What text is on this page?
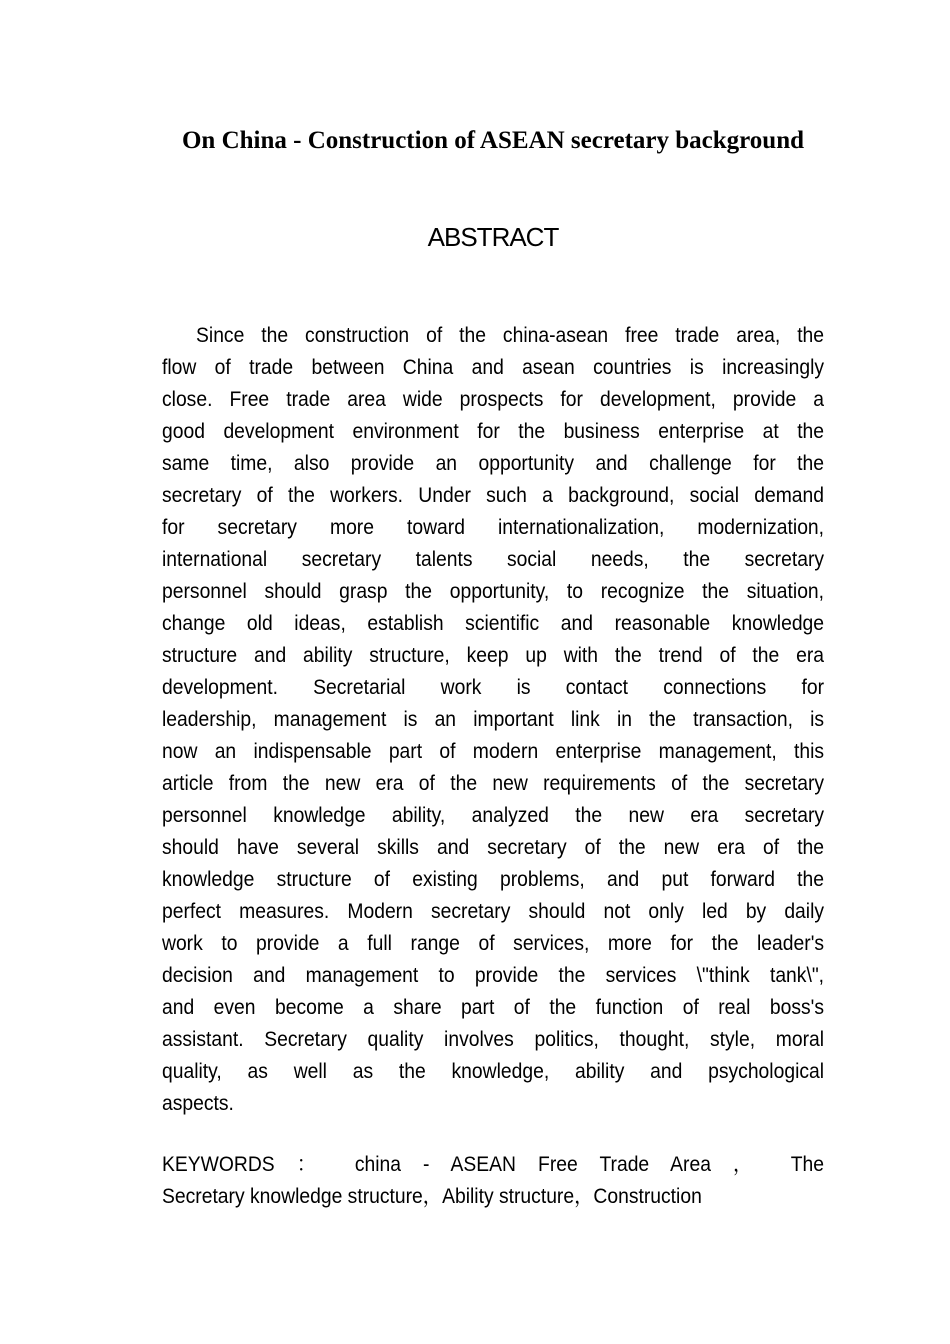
On China - Construction of ASEAN secretary background
ABSTRACT
Since the construction of the china-asean free trade area, the
flow of trade between China and asean countries is increasingly
close. Free trade area wide prospects for development, provide a
good development environment for the business enterprise at the
same time, also provide an opportunity and challenge for the
secretary of the workers. Under such a background, social demand
for secretary more toward internationalization, modernization,
international secretary talents social needs, the secretary
personnel should grasp the opportunity, to recognize the situation,
change old ideas, establish scientific and reasonable knowledge
structure and ability structure, keep up with the trend of the era
development. Secretarial work is contact connections for
leadership, management is an important link in the transaction, is
now an indispensable part of modern enterprise management, this
article from the new era of the new requirements of the secretary
personnel knowledge ability, analyzed the new era secretary
should have several skills and secretary of the new era of the
knowledge structure of existing problems, and put forward the
perfect measures. Modern secretary should not only led by daily
work to provide a full range of services, more for the leader's
decision and management to provide the services \"think tank\",
and even become a share part of the function of real boss's
assistant. Secretary quality involves politics, thought, style, moral
quality, as well as the knowledge, ability and psychological
aspects.
KEYWORDS ： china - ASEAN Free Trade Area ， The
Secretary knowledge structure，Ability structure，Construction
